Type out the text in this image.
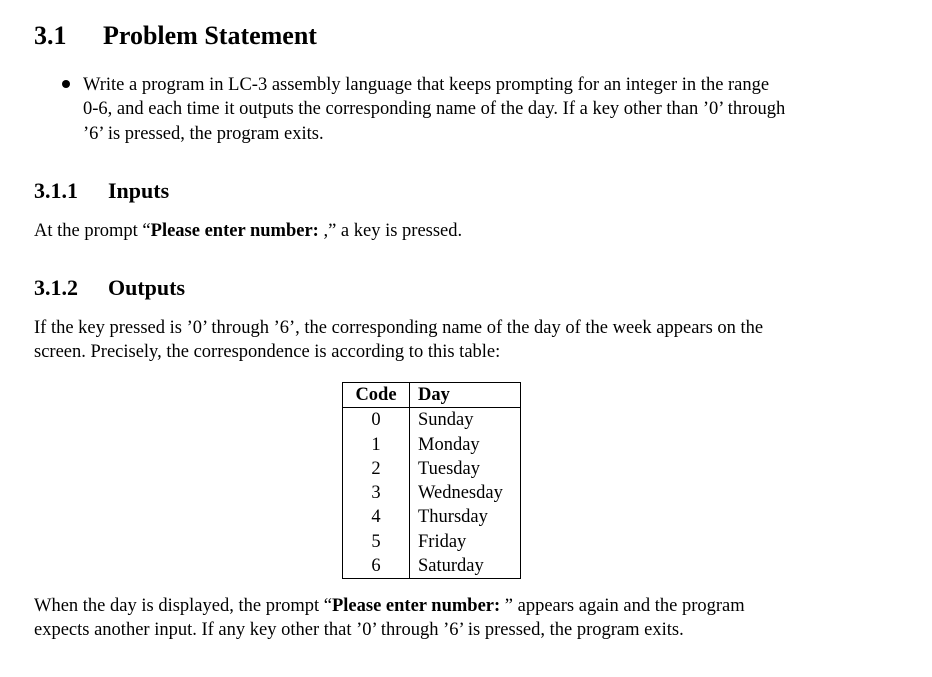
3.1 Problem Statement
Write a program in LC-3 assembly language that keeps prompting for an integer in the range
0-6, and each time it outputs the corresponding name of the day. If a key other than ’0’ through
’6’ is pressed, the program exits.
3.1.1 Inputs
At the prompt “Please enter number: ,” a key is pressed.
3.1.2 Outputs
If the key pressed is ’0’ through ’6’, the corresponding name of the day of the week appears on the
screen. Precisely, the correspondence is according to this table:
Code	Day
0	Sunday
1	Monday
2	Tuesday
3	Wednesday
4	Thursday
5	Friday
6	Saturday
When the day is displayed, the prompt “Please enter number: ” appears again and the program
expects another input. If any key other that ’0’ through ’6’ is pressed, the program exits.
